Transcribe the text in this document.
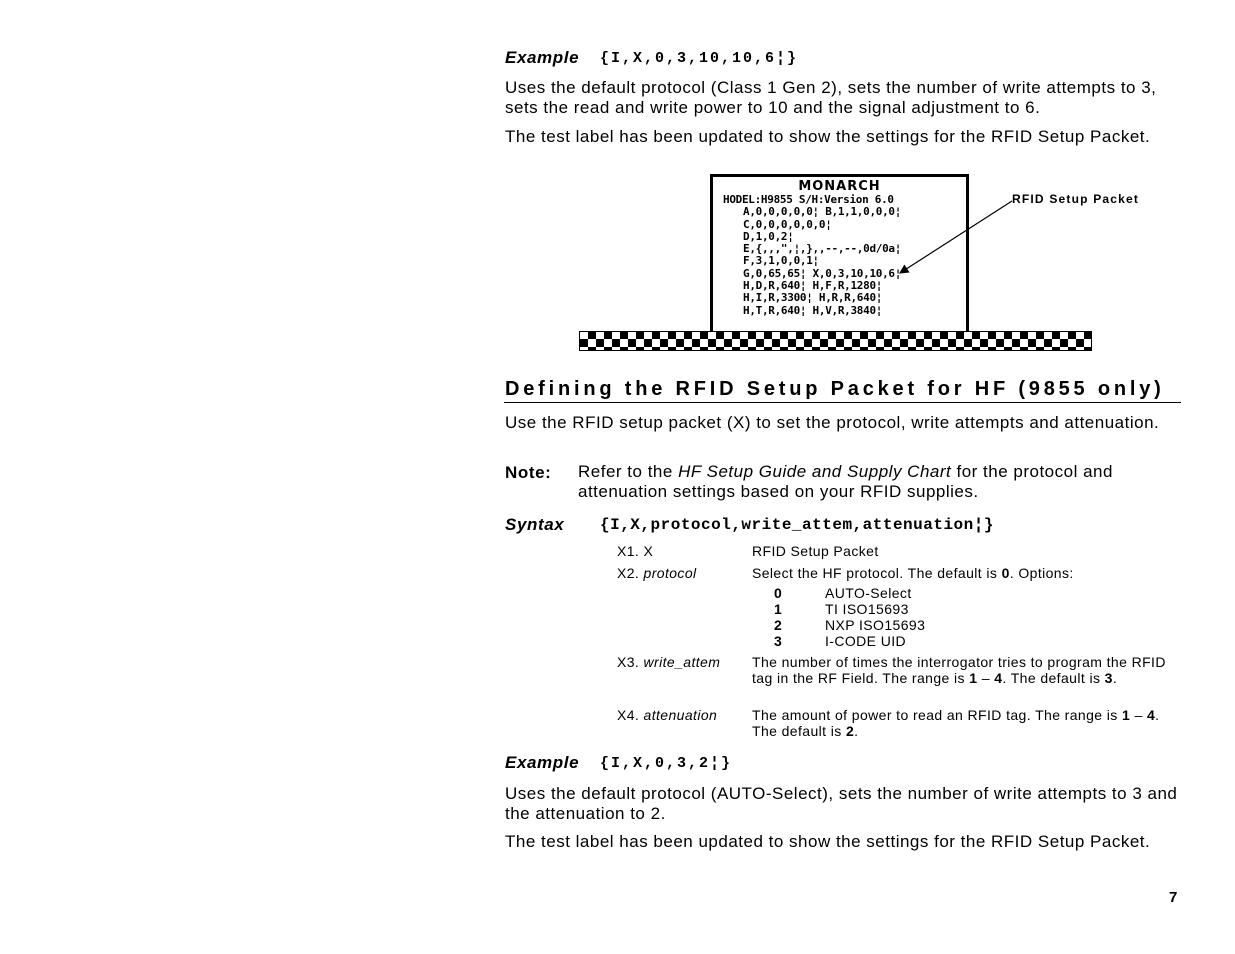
Example {I,X,0,3,10,10,6¦}
Uses the default protocol (Class 1 Gen 2), sets the number of write attempts to 3, sets the read and write power to 10 and the signal adjustment to 6.
The test label has been updated to show the settings for the RFID Setup Packet.
MONARCH
HODEL:H9855 S/H:Version 6.0
A,0,0,0,0,0¦ B,1,1,0,0,0¦
C,0,0,0,0,0,0¦
D,1,0,2¦
E,{,,,",¦,},,--,--,0d/0a¦
F,3,1,0,0,1¦
G,0,65,65¦ X,0,3,10,10,6¦
H,D,R,640¦ H,F,R,1280¦
H,I,R,3300¦ H,R,R,640¦
H,T,R,640¦ H,V,R,3840¦
RFID Setup Packet
Defining the RFID Setup Packet for HF (9855 only)
Use the RFID setup packet (X) to set the protocol, write attempts and attenuation.
Note: Refer to the HF Setup Guide and Supply Chart for the protocol and attenuation settings based on your RFID supplies.
Syntax {I,X,protocol,write_attem,attenuation¦}
X1. X	RFID Setup Packet
X2. protocol	Select the HF protocol. The default is 0. Options:
0	AUTO-Select
1	TI ISO15693
2	NXP ISO15693
3	I-CODE UID
X3. write_attem The number of times the interrogator tries to program the RFID tag in the RF Field. The range is 1 – 4. The default is 3.
X4. attenuation The amount of power to read an RFID tag. The range is 1 – 4. The default is 2.
Example {I,X,0,3,2¦}
Uses the default protocol (AUTO-Select), sets the number of write attempts to 3 and the attenuation to 2.
The test label has been updated to show the settings for the RFID Setup Packet.
7
